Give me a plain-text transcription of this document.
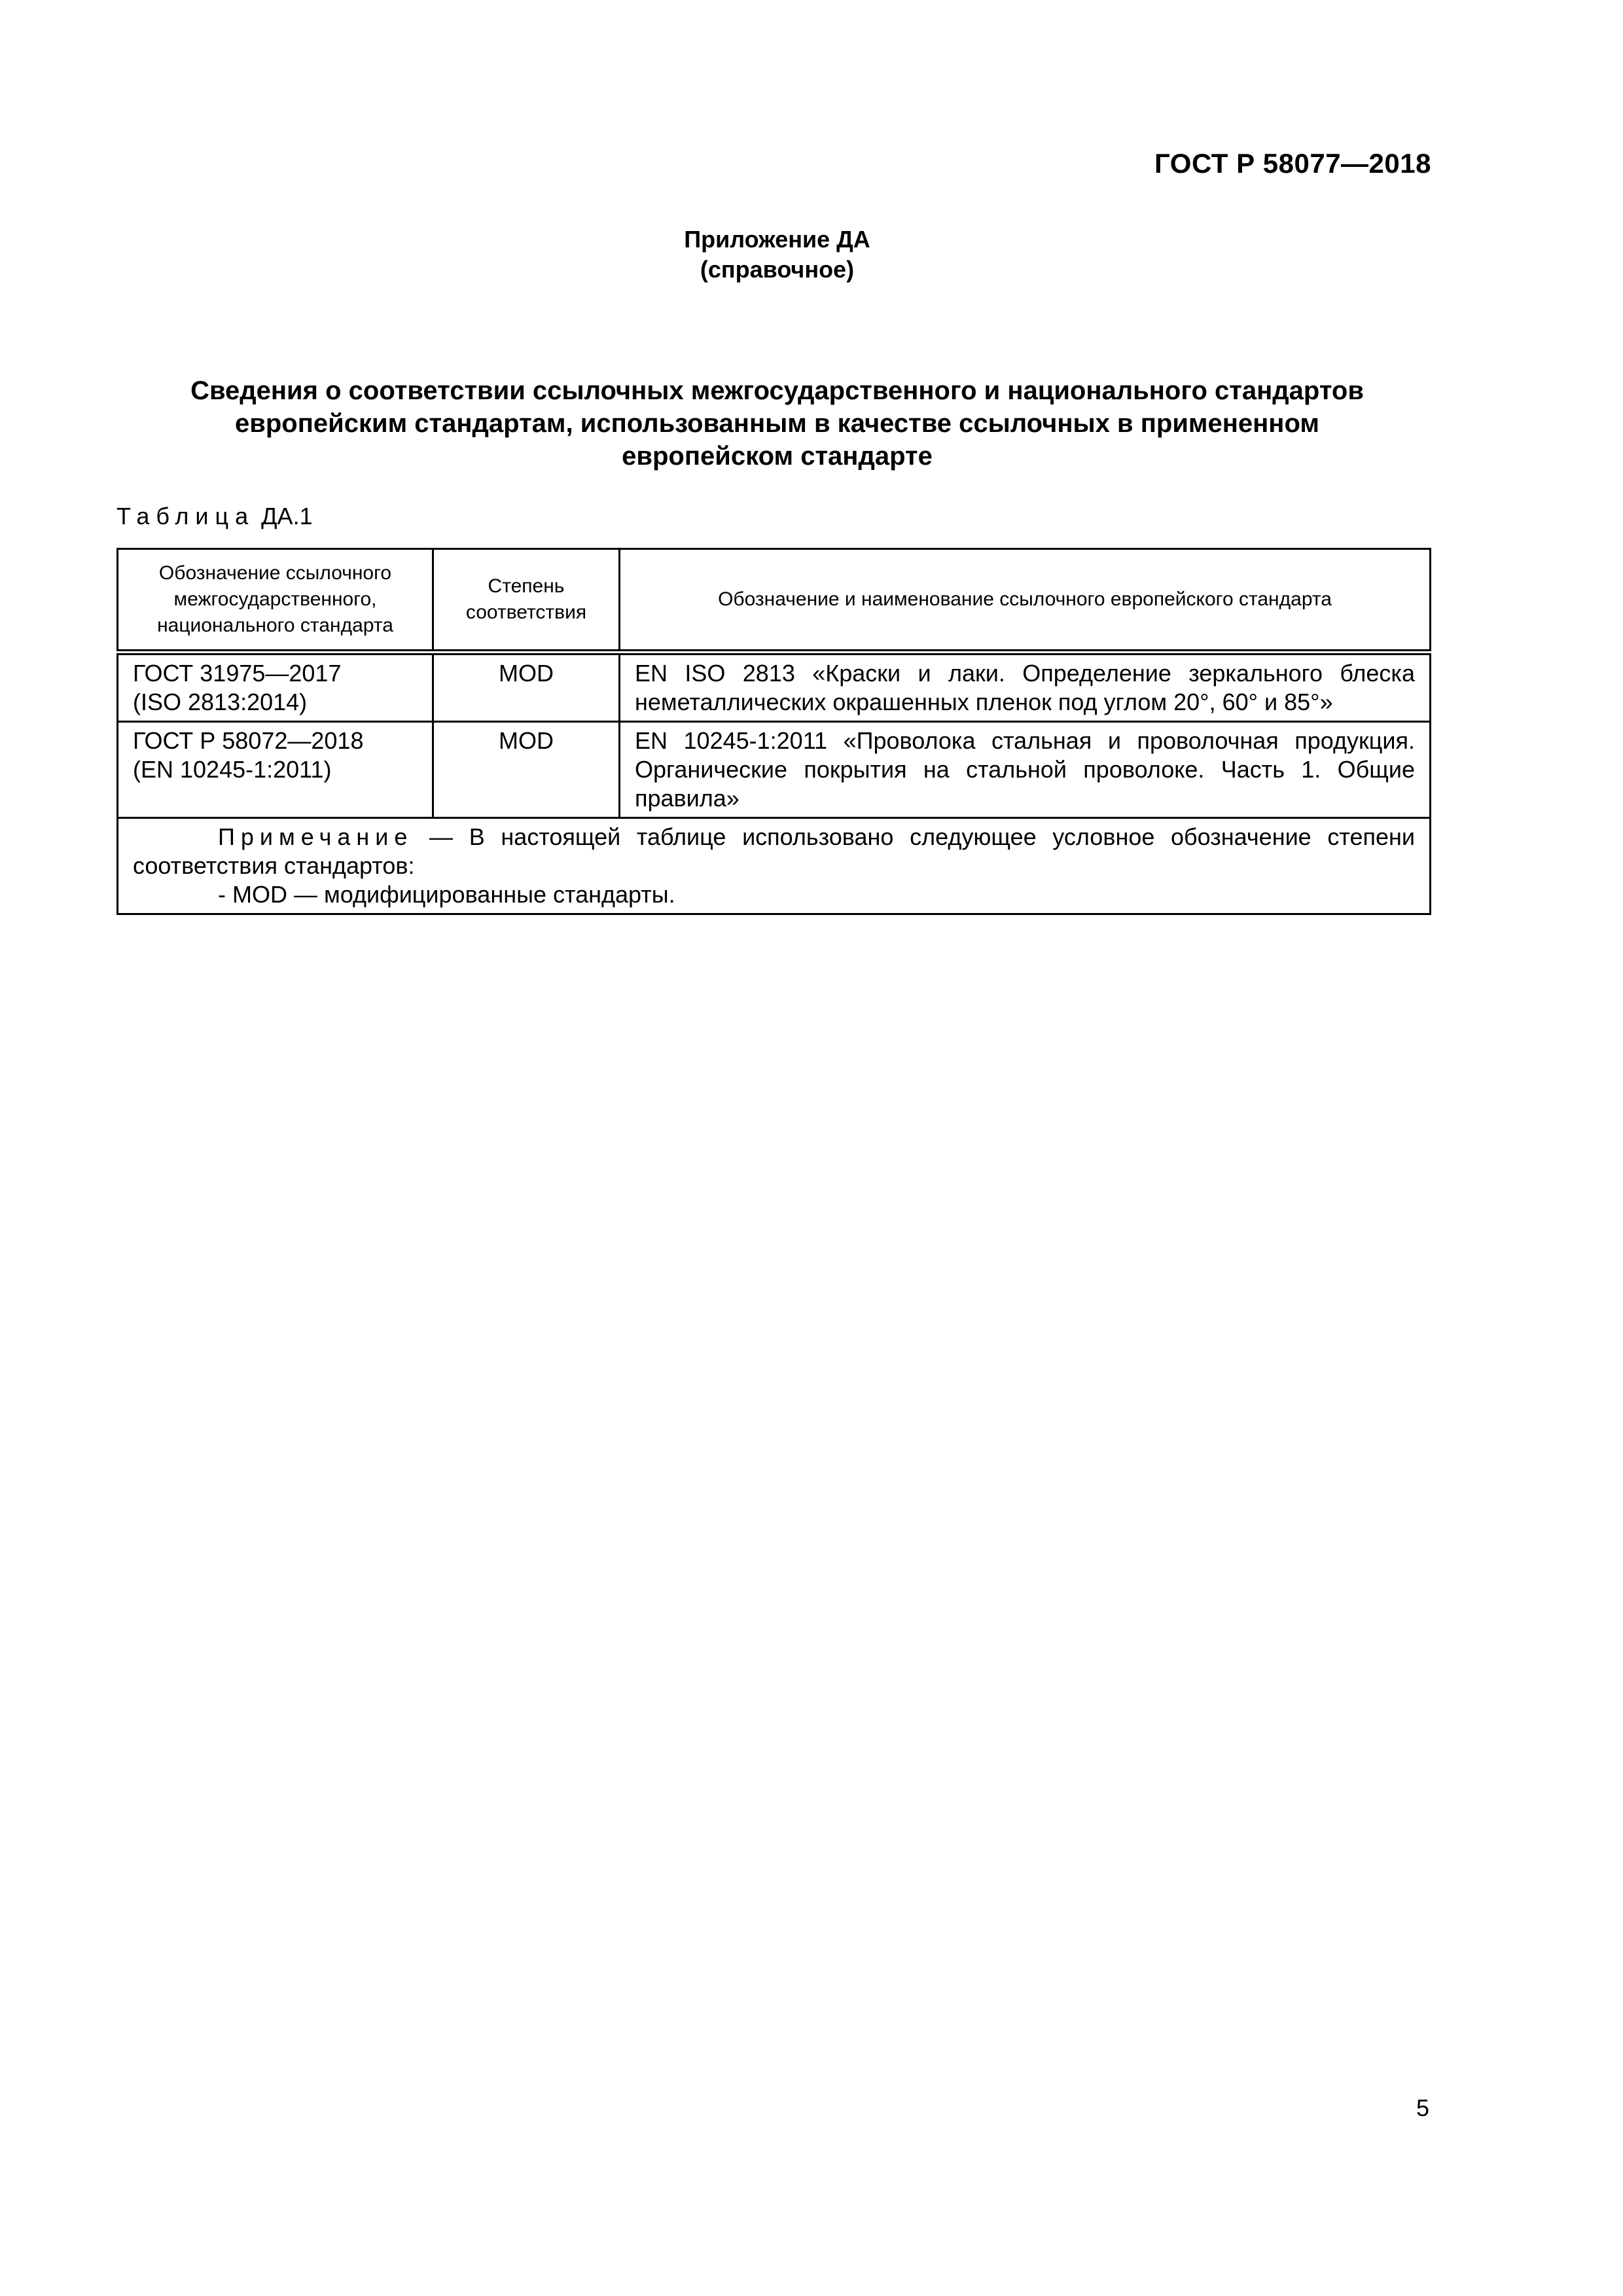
ГОСТ Р 58077—2018
Приложение ДА
(справочное)
Сведения о соответствии ссылочных межгосударственного и национального стандартов
европейским стандартам, использованным в качестве ссылочных в примененном
европейском стандарте
Таблица ДА.1
Обозначение ссылочного межгосударственного, национального стандарта	Степень соответствия	Обозначение и наименование ссылочного европейского стандарта

ГОСТ 31975—2017
(ISO 2813:2014)	MOD	EN ISO 2813 «Краски и лаки. Определение зеркального блеска неметаллических окрашенных пленок под углом 20°, 60° и 85°»

ГОСТ Р 58072—2018
(EN 10245-1:2011)	MOD	EN 10245-1:2011 «Проволока стальная и проволочная продукция. Органические покрытия на стальной проволоке. Часть 1. Общие правила»
Примечание — В настоящей таблице использовано следующее условное обозначение степени соответствия стандартов:
- MOD — модифицированные стандарты.		
5
